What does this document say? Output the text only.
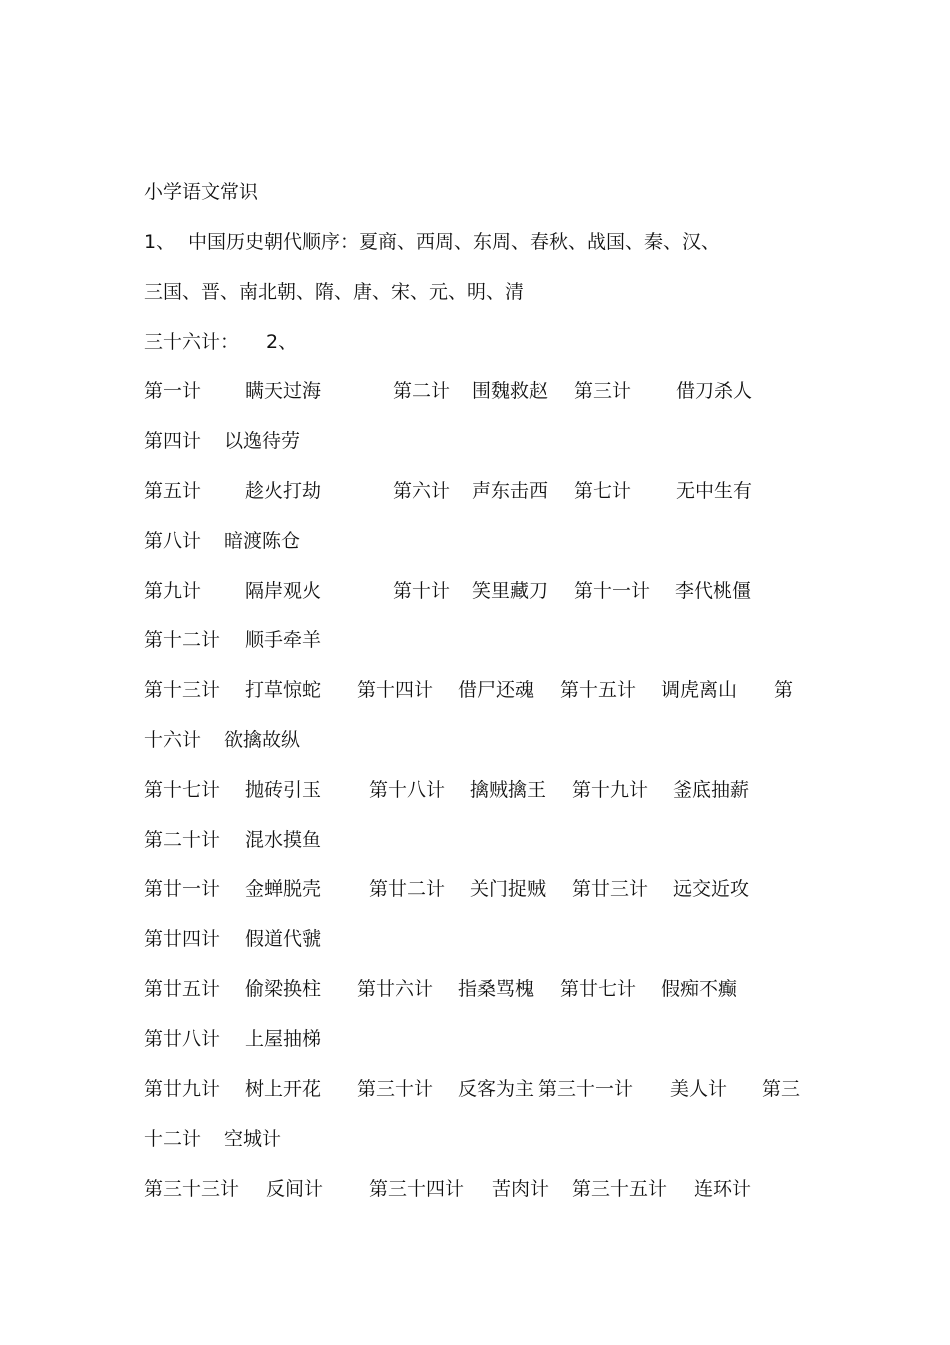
小学语文常识
1、 中国历史朝代顺序：夏商、西周、东周、春秋、战国、秦、汉、
三国、晋、南北朝、隋、唐、宋、元、明、清
三十六计： 2、
第一计 瞒天过海	第二计 围魏救赵 第三计 借刀杀人
第四计 以逸待劳
第五计 趁火打劫	第六计 声东击西 第七计 无中生有
第八计 暗渡陈仓
第九计 隔岸观火	第十计 笑里藏刀 第十一计 李代桃僵
第十二计 顺手牵羊
第十三计 打草惊蛇 第十四计 借尸还魂 第十五计 调虎离山 第
十六计 欲擒故纵
第十七计 抛砖引玉	第十八计 擒贼擒王 第十九计 釜底抽薪
第二十计 混水摸鱼
第廿一计 金蝉脱壳	第廿二计 关门捉贼 第廿三计 远交近攻
第廿四计 假道代虢
第廿五计 偷梁换柱 第廿六计 指桑骂槐 第廿七计 假痴不癫
第廿八计 上屋抽梯
第廿九计 树上开花 第三十计 反客为主 第三十一计 美人计 第三
十二计 空城计
第三十三计 反间计 第三十四计 苦肉计 第三十五计 连环计
